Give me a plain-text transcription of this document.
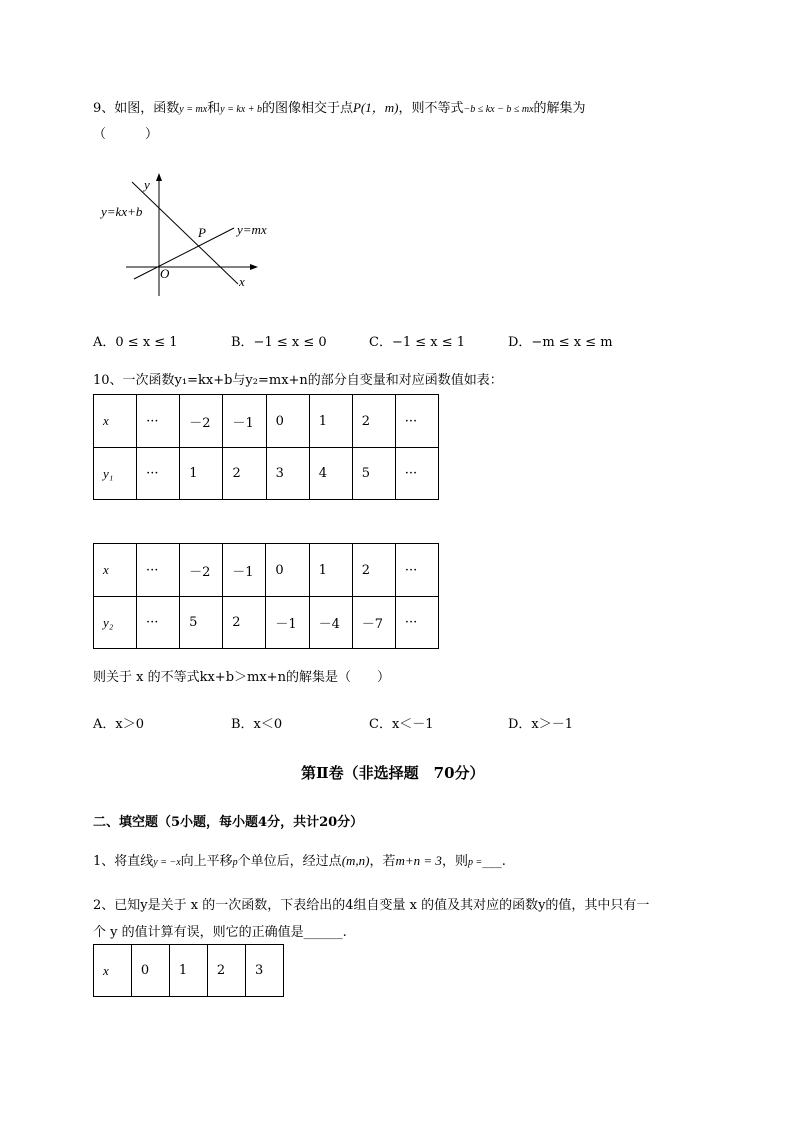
9、如图，函数y = mx和y = kx + b的图像相交于点P(1，m)，则不等式−b ≤ kx − b ≤ mx的解集为
（　　　）
y
y=kx+b
P y=mx
O
x
A．0 ≤ x ≤ 1	B．−1 ≤ x ≤ 0	C．−1 ≤ x ≤ 1	D．−m ≤ x ≤ m
10、一次函数y₁=kx+b与y₂=mx+n的部分自变量和对应函数值如表：
x	···	－2	－1	0	1	2	···
y₁	···	1	2	3	4	5	···
x	···	－2	－1	0	1	2	···
y₂	···	5	2	－1	－4	－7	···
则关于 x 的不等式kx+b＞mx+n的解集是（　　）
A．x＞0	B．x＜0	C．x＜－1	D．x＞－1
第Ⅱ卷（非选择题　70分）
二、填空题（5小题，每小题4分，共计20分）
1、将直线y = −x向上平移p个单位后，经过点(m,n)，若m+n = 3，则p =___.
2、已知y是关于 x 的一次函数，下表给出的4组自变量 x 的值及其对应的函数y的值，其中只有一
个 y 的值计算有误，则它的正确值是______.
x	0	1	2	3
